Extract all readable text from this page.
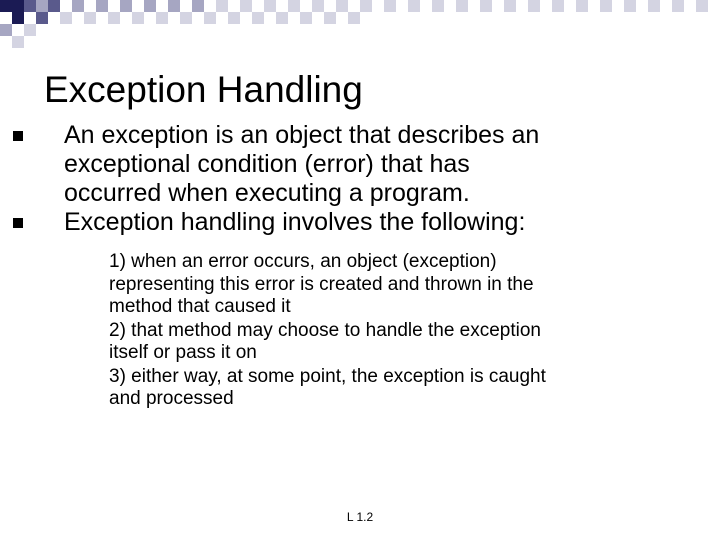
Exception Handling
An exception is an object that describes an
exceptional condition (error) that has
occurred when executing a program.
Exception handling involves the following:
1) when an error occurs, an object (exception)
representing this error is created and thrown in the
method that caused it
2) that method may choose to handle the exception
itself or pass it on
3) either way, at some point, the exception is caught
and processed
L 1.2
